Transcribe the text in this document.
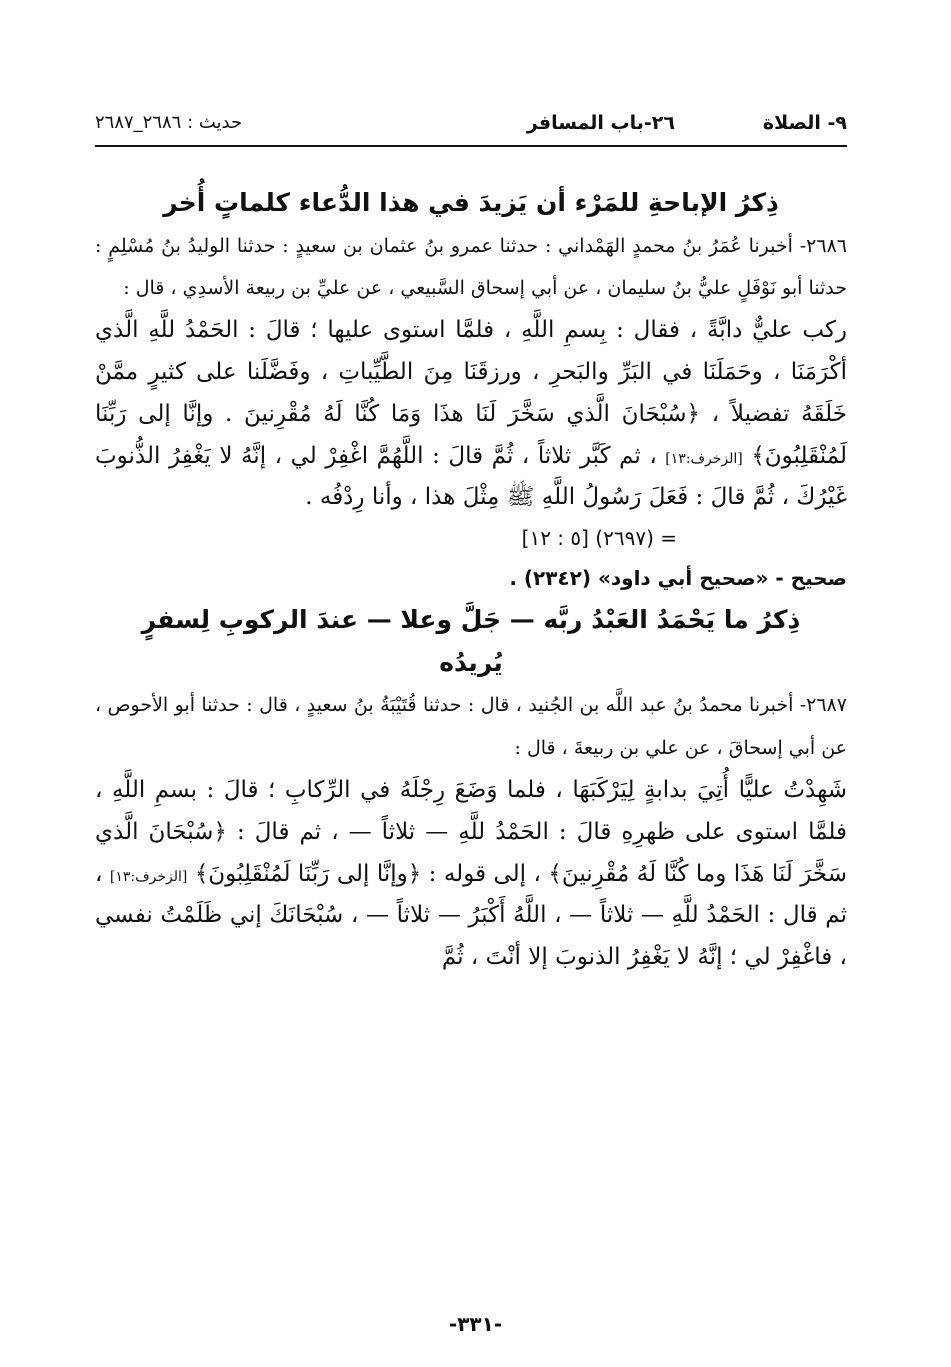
٩- الصلاة
٢٦-باب المسافر
حديث : ٢٦٨٦_٢٦٨٧

ذِكرُ الإباحةِ للمَرْء أن يَزيدَ في هذا الدُّعاء كلماتٍ أُخر

٢٦٨٦- أخبرنا عُمَرُ بنُ محمدٍ الهَمْداني : حدثنا عمرو بنُ عثمان بن سعيدٍ : حدثنا الوليدُ بنُ مُسْلِمٍ : حدثنا أبو نَوْفَلٍ عليُّ بنُ سليمان ، عن أبي إسحاق السَّبيعي ، عن عليِّ بن ربيعة الأسدِي ، قال :

ركب عليٌّ دابَّةً ، فقال : بِسمِ اللَّهِ ، فلمَّا استوى عليها ؛ قالَ : الحَمْدُ للَّهِ الَّذي أكْرَمَنَا ، وحَمَلَنَا في البَرِّ والبَحرِ ، ورزقَنَا مِنَ الطَّيِّباتِ ، وفَضَّلَنا على كثيرٍ ممَّنْ خَلَقَهُ تفضيلاً ، ﴿سُبْحَانَ الَّذي سَخَّرَ لَنَا هذَا وَمَا كُنَّا لَهُ مُقْرِنينَ . وإنَّا إلى رَبِّنَا لَمُنْقَلِبُونَ﴾ [الزخرف:١٣] ، ثم كَبَّر ثلاثاً ، ثُمَّ قالَ : اللَّهُمَّ اغْفِرْ لي ، إنَّهُ لا يَغْفِرُ الذُّنوبَ غَيْرُكَ ، ثُمَّ قالَ : فَعَلَ رَسُولُ اللَّهِ ﷺ مِثْلَ هذا ، وأنا رِدْفُه .

= (٢٦٩٧) [٥ : ١٢]

صحيح - «صحيح أبي داود» (٢٣٤٢) .

ذِكرُ ما يَحْمَدُ العَبْدُ ربَّه — جَلَّ وعلا — عندَ الركوبِ لِسفرٍ
يُريدُه

٢٦٨٧- أخبرنا محمدُ بنُ عبد اللَّه بن الجُنيد ، قال : حدثنا قُتَيْبَةُ بنُ سعيدٍ ، قال : حدثنا أبو الأحوص ، عن أبي إسحاقَ ، عن علي بن ربيعةَ ، قال :

شَهِدْتُ عليًّا أُتِيَ بدابةٍ لِيَرْكَبَهَا ، فلما وَضَعَ رِجْلَهُ في الرِّكابِ ؛ قالَ : بسمِ اللَّهِ ، فلمَّا استوى على ظهرِهِ قالَ : الحَمْدُ للَّهِ — ثلاثاً — ، ثم قالَ : ﴿سُبْحَانَ الَّذي سَخَّرَ لَنَا هَذَا وما كُنَّا لَهُ مُقْرِنينَ﴾ ، إلى قوله : ﴿وإنَّا إلى رَبِّنَا لَمُنْقَلِبُونَ﴾ [الزخرف:١٣] ، ثم قال : الحَمْدُ للَّهِ — ثلاثاً — ، اللَّهُ أَكْبَرُ — ثلاثاً — ، سُبْحَانَكَ إني ظَلَمْتُ نفسي ، فاغْفِرْ لي ؛ إنَّهُ لا يَغْفِرُ الذنوبَ إلا أنْتَ ، ثُمَّ

-٣٣١-
